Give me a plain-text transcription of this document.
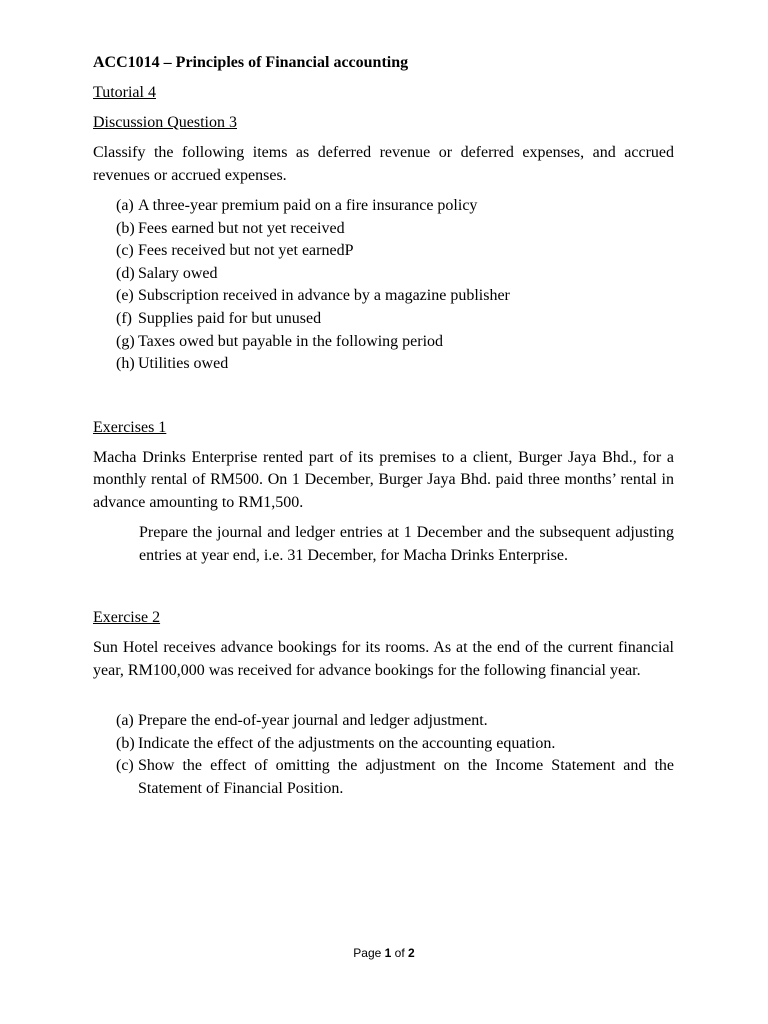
ACC1014 – Principles of Financial accounting

Tutorial 4

Discussion Question 3

Classify the following items as deferred revenue or deferred expenses, and accrued revenues or accrued expenses.

(a) A three-year premium paid on a fire insurance policy
(b) Fees earned but not yet received
(c) Fees received but not yet earnedP
(d) Salary owed
(e) Subscription received in advance by a magazine publisher
(f) Supplies paid for but unused
(g) Taxes owed but payable in the following period
(h) Utilities owed

Exercises 1

Macha Drinks Enterprise rented part of its premises to a client, Burger Jaya Bhd., for a monthly rental of RM500. On 1 December, Burger Jaya Bhd. paid three months’ rental in advance amounting to RM1,500.

Prepare the journal and ledger entries at 1 December and the subsequent adjusting entries at year end, i.e. 31 December, for Macha Drinks Enterprise.

Exercise 2

Sun Hotel receives advance bookings for its rooms. As at the end of the current financial year, RM100,000 was received for advance bookings for the following financial year.

(a) Prepare the end-of-year journal and ledger adjustment.
(b) Indicate the effect of the adjustments on the accounting equation.
(c) Show the effect of omitting the adjustment on the Income Statement and the Statement of Financial Position.
Page 1 of 2
